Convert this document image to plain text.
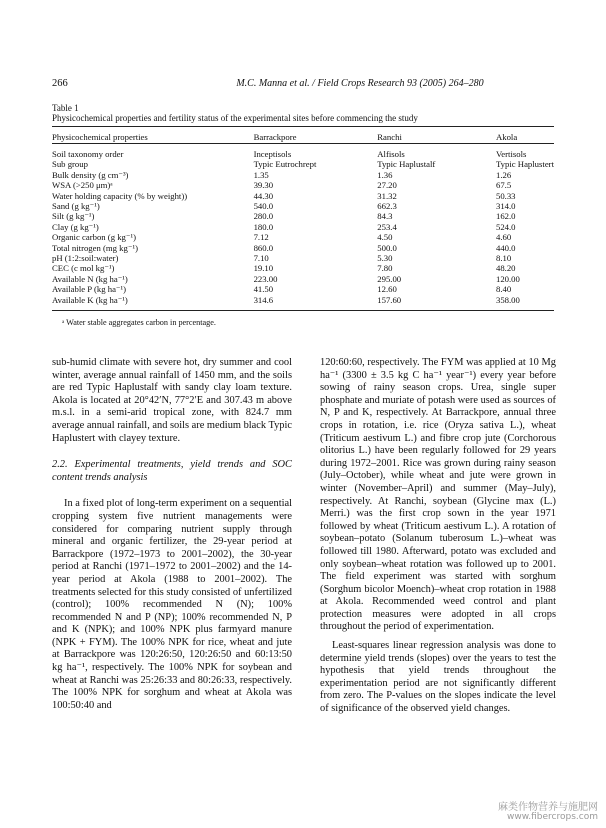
266	M.C. Manna et al. / Field Crops Research 93 (2005) 264–280
Table 1
Physicochemical properties and fertility status of the experimental sites before commencing the study
Physicochemical properties	Barrackpore	Ranchi	Akola
Soil taxonomy order	Inceptisols	Alfisols	Vertisols
Sub group	Typic Eutrochrept	Typic Haplustalf	Typic Haplustert
Bulk density (g cm⁻³)	1.35	1.36	1.26
WSA (>250 μm)ᵃ	39.30	27.20	67.5
Water holding capacity (% by weight))	44.30	31.32	50.33
Sand (g kg⁻¹)	540.0	662.3	314.0
Silt (g kg⁻¹)	280.0	84.3	162.0
Clay (g kg⁻¹)	180.0	253.4	524.0
Organic carbon (g kg⁻¹)	7.12	4.50	4.60
Total nitrogen (mg kg⁻¹)	860.0	500.0	440.0
pH (1:2:soil:water)	7.10	5.30	8.10
CEC (c mol kg⁻¹)	19.10	7.80	48.20
Available N (kg ha⁻¹)	223.00	295.00	120.00
Available P (kg ha⁻¹)	41.50	12.60	8.40
Available K (kg ha⁻¹)	314.6	157.60	358.00
ᵃ Water stable aggregates carbon in percentage.

sub-humid climate with severe hot, dry summer and cool winter, average annual rainfall of 1450 mm, and the soils are red Typic Haplustalf with sandy clay loam texture. Akola is located at 20°42′N, 77°2′E and 307.43 m above m.s.l. in a semi-arid tropical zone, with 824.7 mm average annual rainfall, and soils are medium black Typic Haplustert with clayey texture.

2.2. Experimental treatments, yield trends and SOC content trends analysis

In a fixed plot of long-term experiment on a sequential cropping system five nutrient managements were considered for comparing nutrient supply through mineral and organic fertilizer, the 29-year period at Barrackpore (1972–1973 to 2001–2002), the 30-year period at Ranchi (1971–1972 to 2001–2002) and the 14-year period at Akola (1988 to 2001–2002). The treatments selected for this study consisted of unfertilized (control); 100% recommended N (N); 100% recommended N and P (NP); 100% recommended N, P and K (NPK); and 100% NPK plus farmyard manure (NPK + FYM). The 100% NPK for rice, wheat and jute at Barrackpore was 120:26:50, 120:26:50 and 60:13:50 kg ha⁻¹, respectively. The 100% NPK for soybean and wheat at Ranchi was 25:26:33 and 80:26:33, respectively. The 100% NPK for sorghum and wheat at Akola was 100:50:40 and

120:60:60, respectively. The FYM was applied at 10 Mg ha⁻¹ (3300 ± 3.5 kg C ha⁻¹ year⁻¹) every year before sowing of rainy season crops. Urea, single super phosphate and muriate of potash were used as sources of N, P and K, respectively. At Barrackpore, annual three crops in rotation, i.e. rice (Oryza sativa L.), wheat (Triticum aestivum L.) and fibre crop jute (Corchorous olitorius L.) have been regularly followed for 29 years during 1972–2001. Rice was grown during rainy season (July–October), while wheat and jute were grown in winter (November–April) and summer (May–July), respectively. At Ranchi, soybean (Glycine max (L.) Merri.) was the first crop sown in the year 1971 followed by wheat (Triticum aestivum L.). A rotation of soybean–potato (Solanum tuberosum L.)–wheat was followed till 1980. Afterward, potato was excluded and only soybean–wheat rotation was followed up to 2001. The field experiment was started with sorghum (Sorghum bicolor Moench)–wheat crop rotation in 1988 at Akola. Recommended weed control and plant protection measures were adopted in all crops throughout the period of experimentation.

Least-squares linear regression analysis was done to determine yield trends (slopes) over the years to test the hypothesis that yield trends throughout the experimentation period are not significantly different from zero. The P-values on the slopes indicate the level of significance of the observed yield changes.

麻类作物营养与施肥网
www.fibercrops.com
